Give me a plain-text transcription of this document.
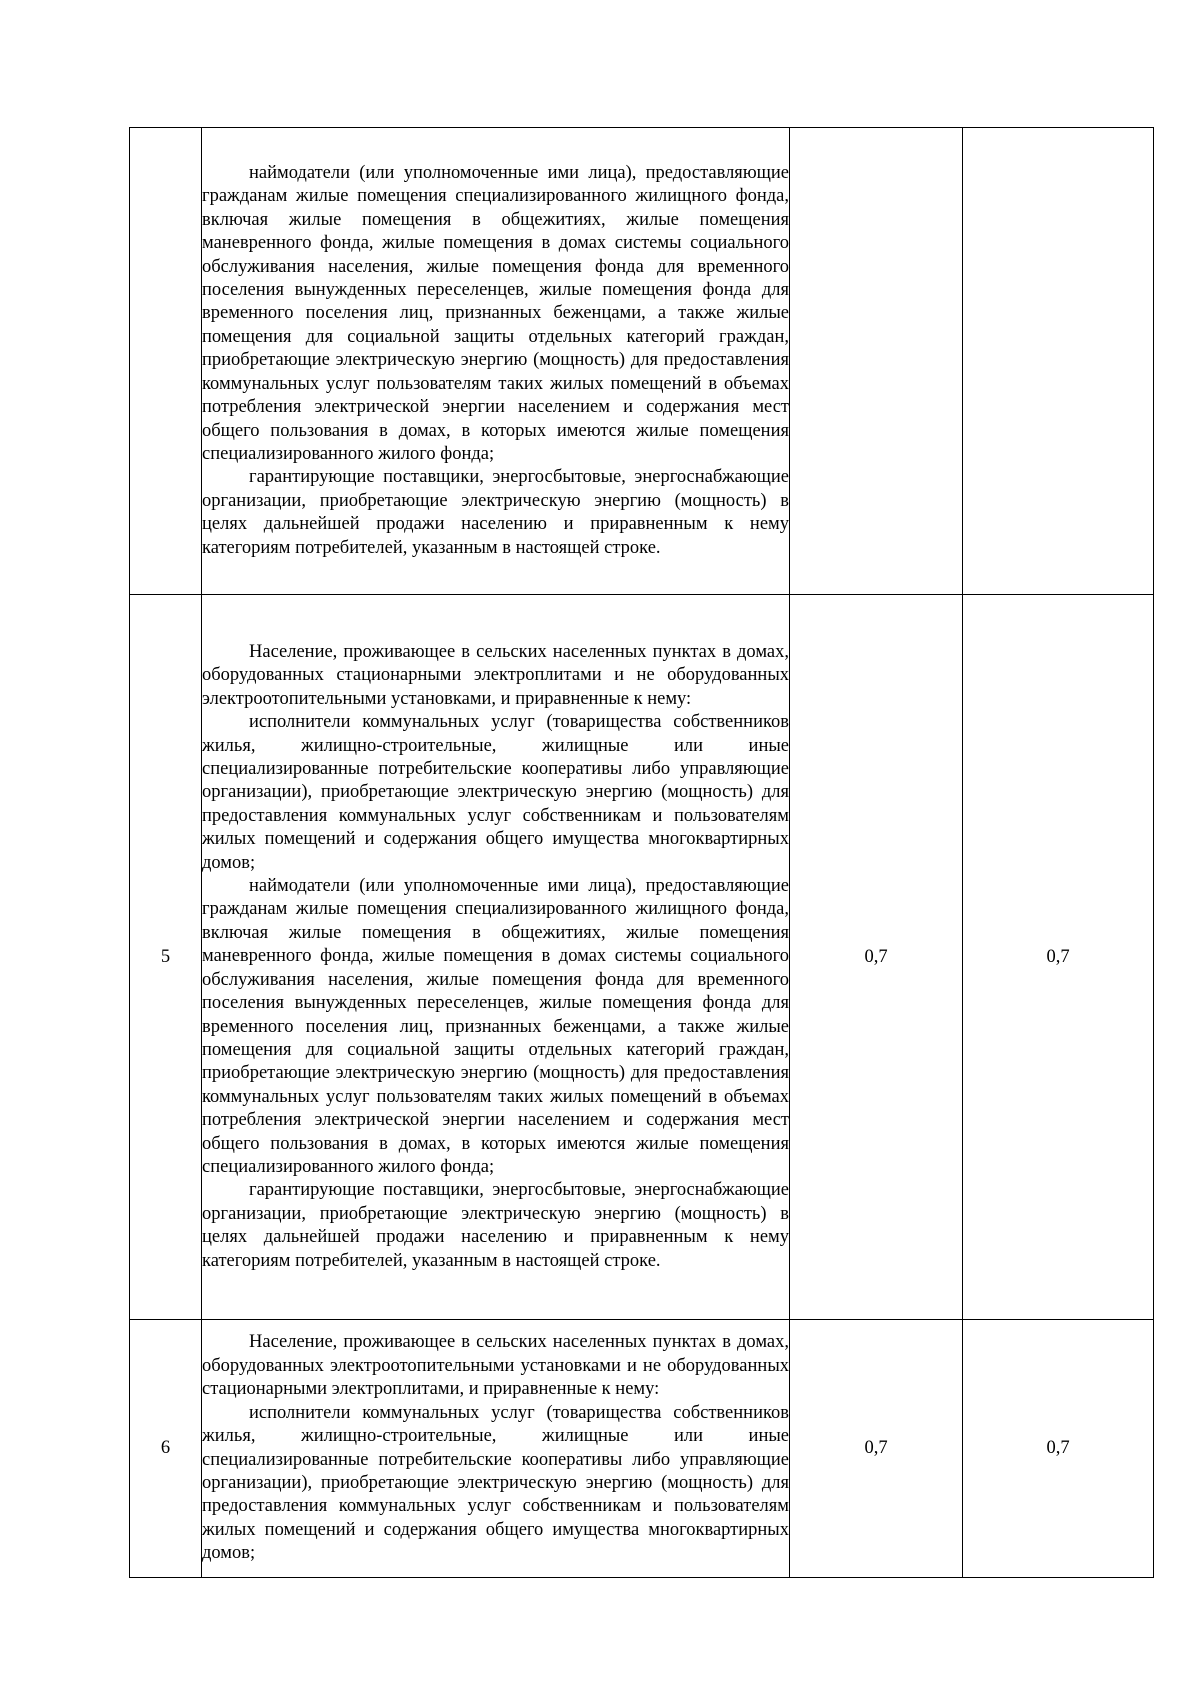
	наймодатели (или уполномоченные ими лица), предоставляющие гражданам жилые помещения специализированного жилищного фонда, включая жилые помещения в общежитиях, жилые помещения маневренного фонда, жилые помещения в домах системы социального обслуживания населения, жилые помещения фонда для временного поселения вынужденных переселенцев, жилые помещения фонда для временного поселения лиц, признанных беженцами, а также жилые помещения для социальной защиты отдельных категорий граждан, приобретающие электрическую энергию (мощность) для предоставления коммунальных услуг пользователям таких жилых помещений в объемах потребления электрической энергии населением и содержания мест общего пользования в домах, в которых имеются жилые помещения специализированного жилого фонда;

гарантирующие поставщики, энергосбытовые, энергоснабжающие организации, приобретающие электрическую энергию (мощность) в целях дальнейшей продажи населению и приравненным к нему категориям потребителей, указанным в настоящей строке.		

5	Население, проживающее в сельских населенных пунктах в домах, оборудованных стационарными электроплитами и не оборудованных электроотопительными установками, и приравненные к нему:

исполнители коммунальных услуг (товарищества собственников жилья, жилищно-строительные, жилищные или иные специализированные потребительские кооперативы либо управляющие организации), приобретающие электрическую энергию (мощность) для предоставления коммунальных услуг собственникам и пользователям жилых помещений и содержания общего имущества многоквартирных домов;

наймодатели (или уполномоченные ими лица), предоставляющие гражданам жилые помещения специализированного жилищного фонда, включая жилые помещения в общежитиях, жилые помещения маневренного фонда, жилые помещения в домах системы социального обслуживания населения, жилые помещения фонда для временного поселения вынужденных переселенцев, жилые помещения фонда для временного поселения лиц, признанных беженцами, а также жилые помещения для социальной защиты отдельных категорий граждан, приобретающие электрическую энергию (мощность) для предоставления коммунальных услуг пользователям таких жилых помещений в объемах потребления электрической энергии населением и содержания мест общего пользования в домах, в которых имеются жилые помещения специализированного жилого фонда;

гарантирующие поставщики, энергосбытовые, энергоснабжающие организации, приобретающие электрическую энергию (мощность) в целях дальнейшей продажи населению и приравненным к нему категориям потребителей, указанным в настоящей строке.	0,7	0,7
6	Население, проживающее в сельских населенных пунктах в домах, оборудованных электроотопительными установками и не оборудованных стационарными электроплитами, и приравненные к нему:

исполнители коммунальных услуг (товарищества собственников жилья, жилищно-строительные, жилищные или иные специализированные потребительские кооперативы либо управляющие организации), приобретающие электрическую энергию (мощность) для предоставления коммунальных услуг собственникам и пользователям жилых помещений и содержания общего имущества многоквартирных домов;	0,7	0,7
